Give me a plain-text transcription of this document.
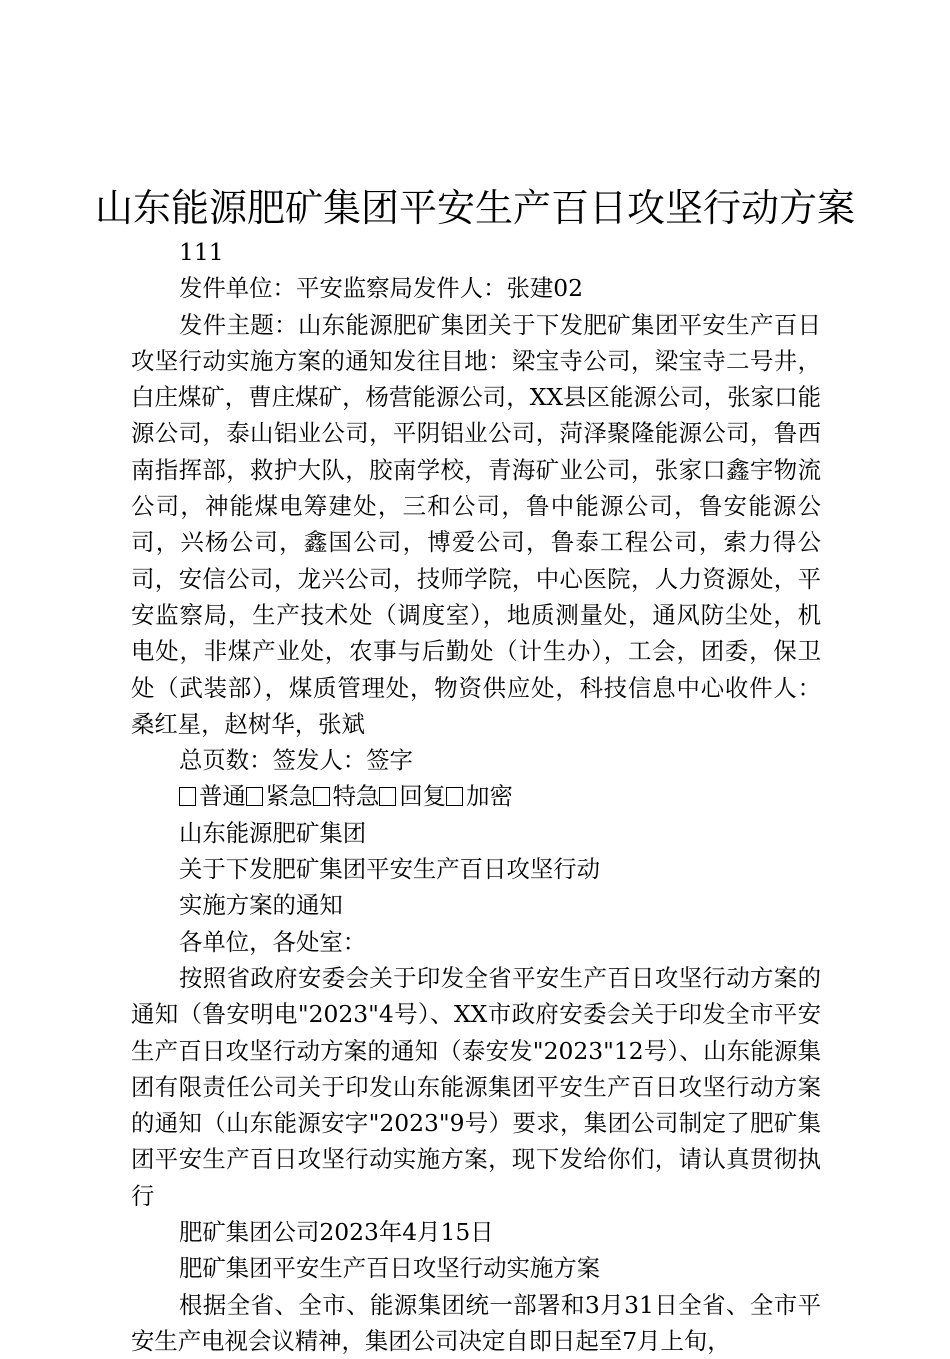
山东能源肥矿集团平安生产百日攻坚行动方案

111

发件单位：平安监察局发件人：张建02

发件主题：山东能源肥矿集团关于下发肥矿集团平安生产百日攻坚行动实施方案的通知发往目地：梁宝寺公司，梁宝寺二号井，白庄煤矿，曹庄煤矿，杨营能源公司，XX县区能源公司，张家口能源公司，泰山铝业公司，平阴铝业公司，菏泽聚隆能源公司，鲁西南指挥部，救护大队，胶南学校，青海矿业公司，张家口鑫宇物流公司，神能煤电筹建处，三和公司，鲁中能源公司，鲁安能源公司，兴杨公司，鑫国公司，博爱公司，鲁泰工程公司，索力得公司，安信公司，龙兴公司，技师学院，中心医院，人力资源处，平安监察局，生产技术处（调度室），地质测量处，通风防尘处，机电处，非煤产业处，农事与后勤处（计生办），工会，团委，保卫处（武装部），煤质管理处，物资供应处，科技信息中心收件人：桑红星，赵树华，张斌

总页数：签发人：签字

普通 紧急 特急 回复 加密

山东能源肥矿集团

关于下发肥矿集团平安生产百日攻坚行动

实施方案的通知

各单位，各处室：

按照省政府安委会关于印发全省平安生产百日攻坚行动方案的通知（鲁安明电"2023"4号）、XX市政府安委会关于印发全市平安生产百日攻坚行动方案的通知（泰安发"2023"12号）、山东能源集团有限责任公司关于印发山东能源集团平安生产百日攻坚行动方案的通知（山东能源安字"2023"9号）要求，集团公司制定了肥矿集团平安生产百日攻坚行动实施方案，现下发给你们，请认真贯彻执行

肥矿集团公司2023年4月15日

肥矿集团平安生产百日攻坚行动实施方案

根据全省、全市、能源集团统一部署和3月31日全省、全市平安生产电视会议精神，集团公司决定自即日起至7月上旬，
